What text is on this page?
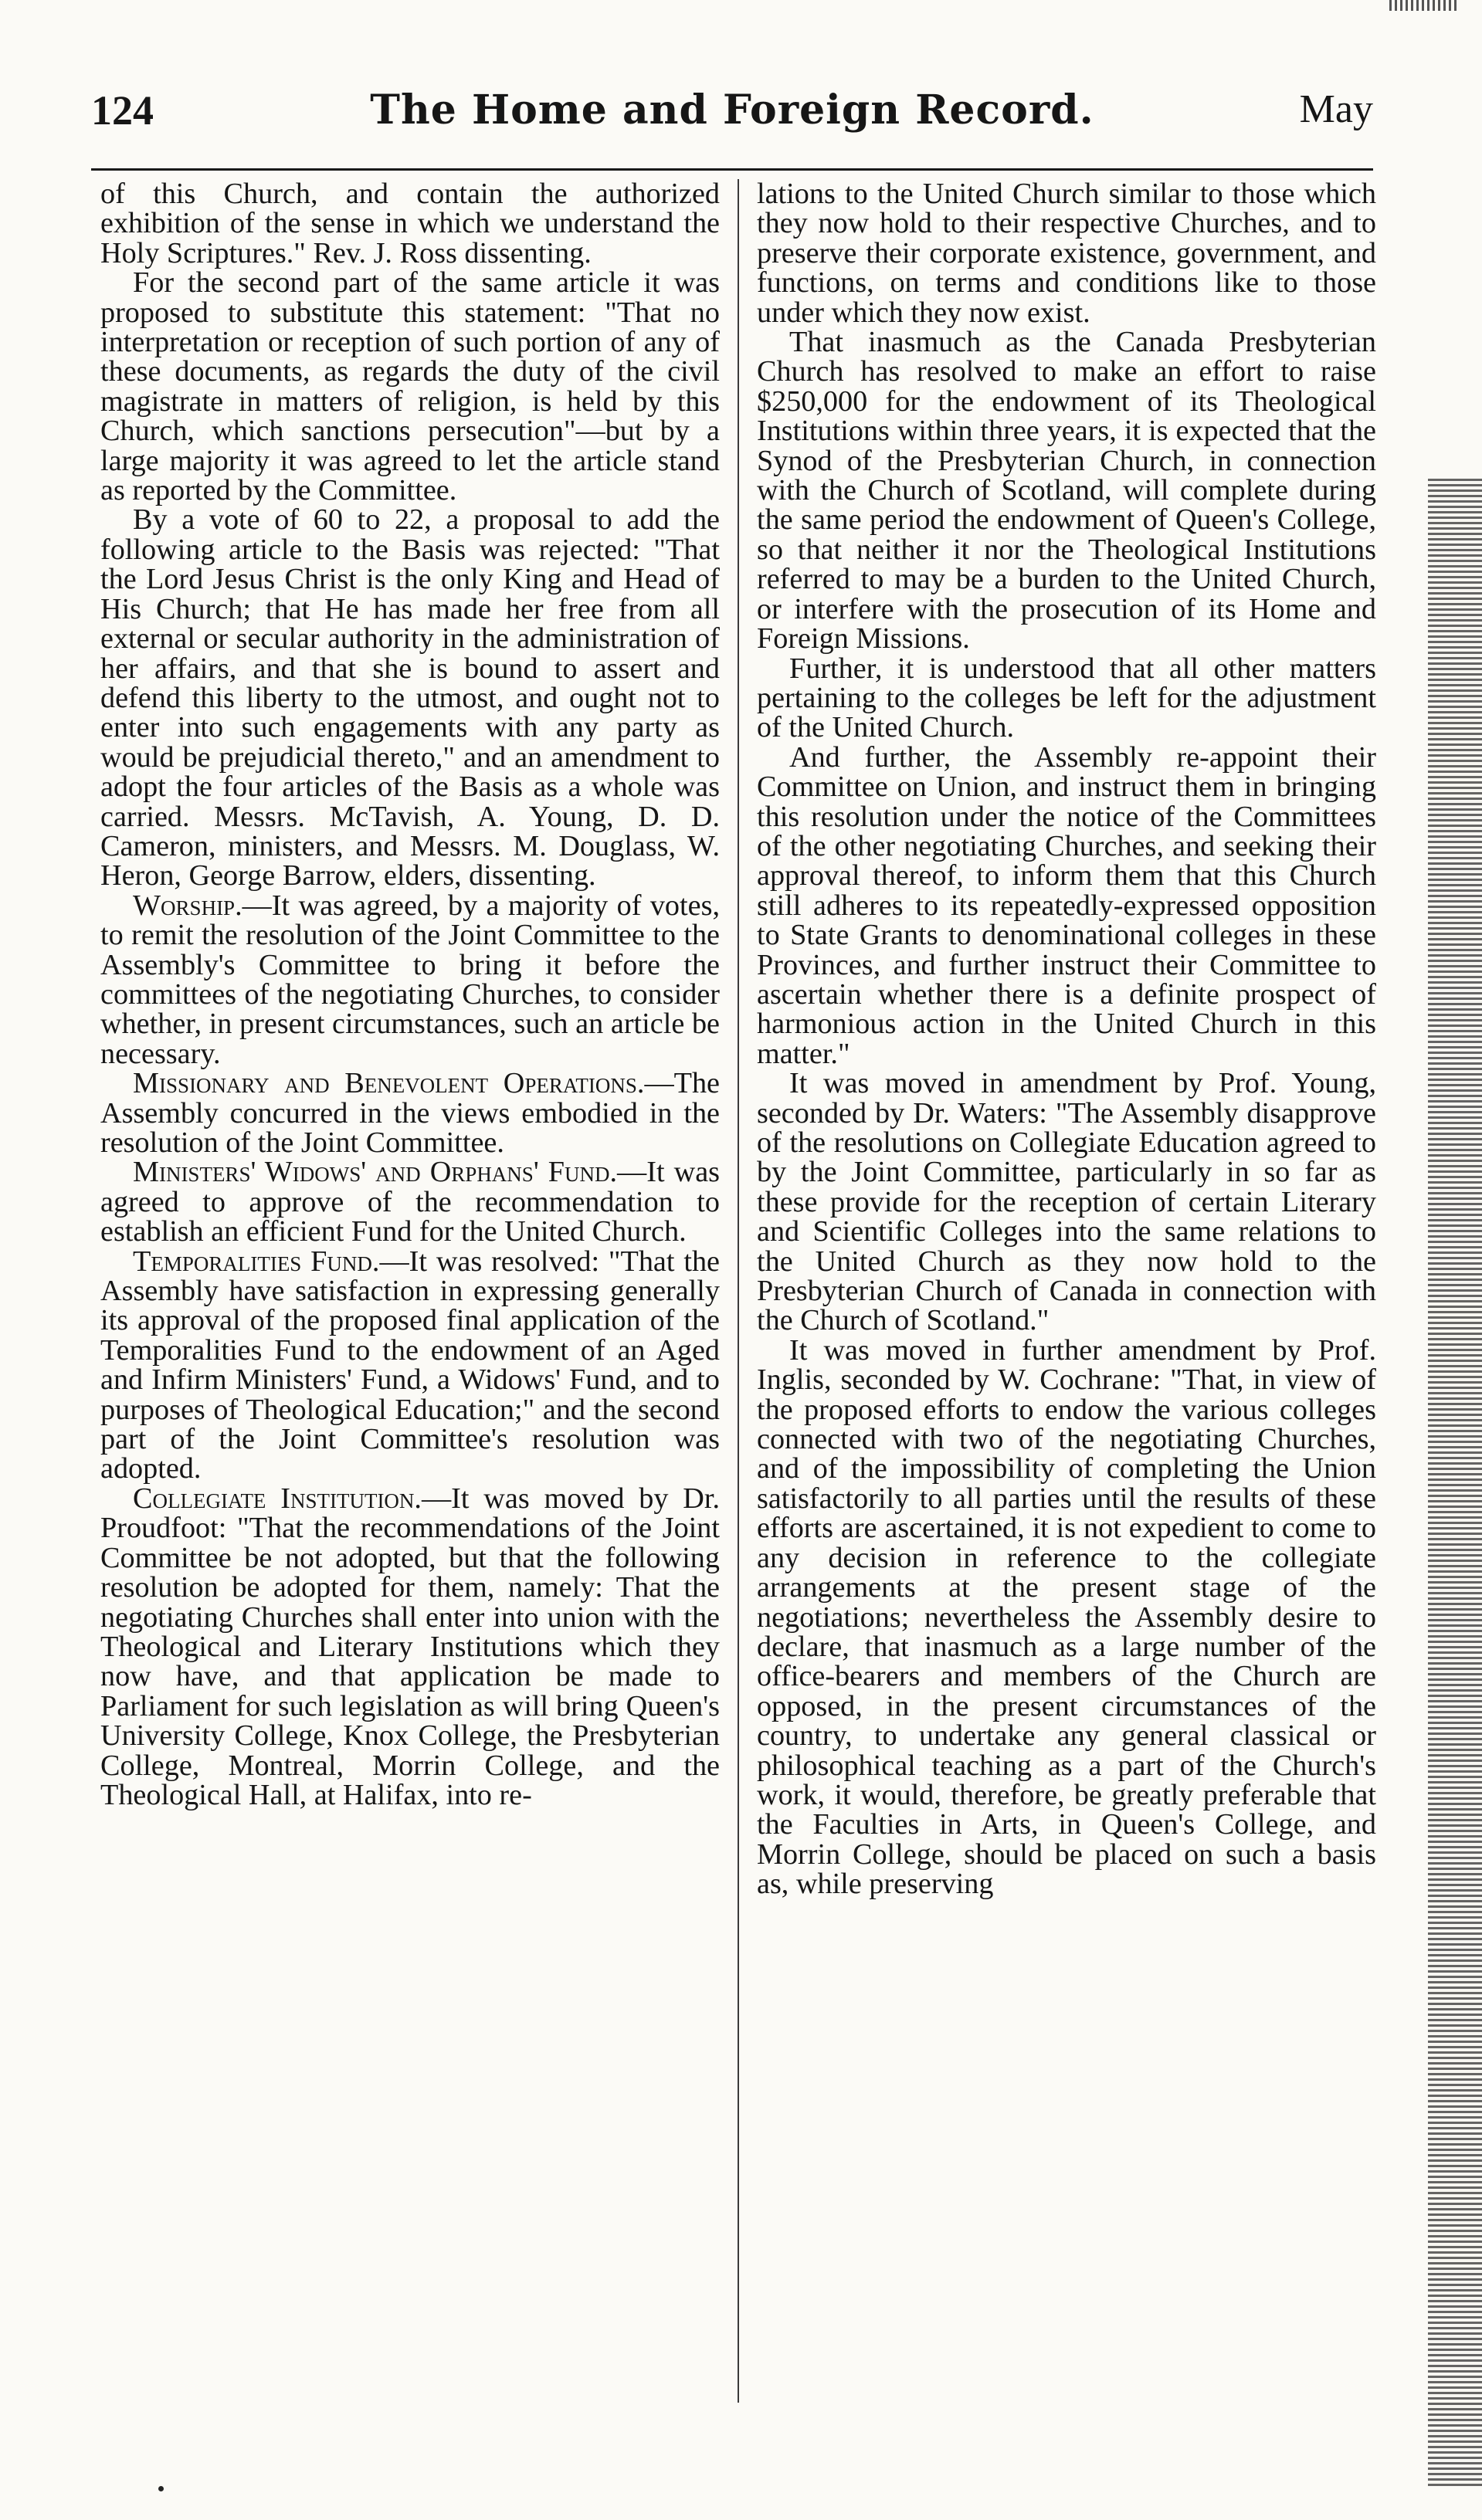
124	The Home and Foreign Record.	May

of this Church, and contain the authorized exhibition of the sense in which we understand the Holy Scriptures." Rev. J. Ross dissenting.

For the second part of the same article it was proposed to substitute this statement: "That no interpretation or reception of such portion of any of these documents, as regards the duty of the civil magistrate in matters of religion, is held by this Church, which sanctions persecution"—but by a large majority it was agreed to let the article stand as reported by the Committee.

By a vote of 60 to 22, a proposal to add the following article to the Basis was rejected: "That the Lord Jesus Christ is the only King and Head of His Church; that He has made her free from all external or secular authority in the administration of her affairs, and that she is bound to assert and defend this liberty to the utmost, and ought not to enter into such engagements with any party as would be prejudicial thereto," and an amendment to adopt the four articles of the Basis as a whole was carried. Messrs. McTavish, A. Young, D. D. Cameron, ministers, and Messrs. M. Douglass, W. Heron, George Barrow, elders, dissenting.

Worship.—It was agreed, by a majority of votes, to remit the resolution of the Joint Committee to the Assembly's Committee to bring it before the committees of the negotiating Churches, to consider whether, in present circumstances, such an article be necessary.

Missionary and Benevolent Operations.—The Assembly concurred in the views embodied in the resolution of the Joint Committee.

Ministers' Widows' and Orphans' Fund.—It was agreed to approve of the recommendation to establish an efficient Fund for the United Church.

Temporalities Fund.—It was resolved: "That the Assembly have satisfaction in expressing generally its approval of the proposed final application of the Temporalities Fund to the endowment of an Aged and Infirm Ministers' Fund, a Widows' Fund, and to purposes of Theological Education;" and the second part of the Joint Committee's resolution was adopted.

Collegiate Institution.—It was moved by Dr. Proudfoot: "That the recommendations of the Joint Committee be not adopted, but that the following resolution be adopted for them, namely: That the negotiating Churches shall enter into union with the Theological and Literary Institutions which they now have, and that application be made to Parliament for such legislation as will bring Queen's University College, Knox College, the Presbyterian College, Montreal, Morrin College, and the Theological Hall, at Halifax, into re-

lations to the United Church similar to those which they now hold to their respective Churches, and to preserve their corporate existence, government, and functions, on terms and conditions like to those under which they now exist.

That inasmuch as the Canada Presbyterian Church has resolved to make an effort to raise $250,000 for the endowment of its Theological Institutions within three years, it is expected that the Synod of the Presbyterian Church, in connection with the Church of Scotland, will complete during the same period the endowment of Queen's College, so that neither it nor the Theological Institutions referred to may be a burden to the United Church, or interfere with the prosecution of its Home and Foreign Missions.

Further, it is understood that all other matters pertaining to the colleges be left for the adjustment of the United Church.

And further, the Assembly re-appoint their Committee on Union, and instruct them in bringing this resolution under the notice of the Committees of the other negotiating Churches, and seeking their approval thereof, to inform them that this Church still adheres to its repeatedly-expressed opposition to State Grants to denominational colleges in these Provinces, and further instruct their Committee to ascertain whether there is a definite prospect of harmonious action in the United Church in this matter."

It was moved in amendment by Prof. Young, seconded by Dr. Waters: "The Assembly disapprove of the resolutions on Collegiate Education agreed to by the Joint Committee, particularly in so far as these provide for the reception of certain Literary and Scientific Colleges into the same relations to the United Church as they now hold to the Presbyterian Church of Canada in connection with the Church of Scotland."

It was moved in further amendment by Prof. Inglis, seconded by W. Cochrane: "That, in view of the proposed efforts to endow the various colleges connected with two of the negotiating Churches, and of the impossibility of completing the Union satisfactorily to all parties until the results of these efforts are ascertained, it is not expedient to come to any decision in reference to the collegiate arrangements at the present stage of the negotiations; nevertheless the Assembly desire to declare, that inasmuch as a large number of the office-bearers and members of the Church are opposed, in the present circumstances of the country, to undertake any general classical or philosophical teaching as a part of the Church's work, it would, therefore, be greatly preferable that the Faculties in Arts, in Queen's College, and Morrin College, should be placed on such a basis as, while preserving
